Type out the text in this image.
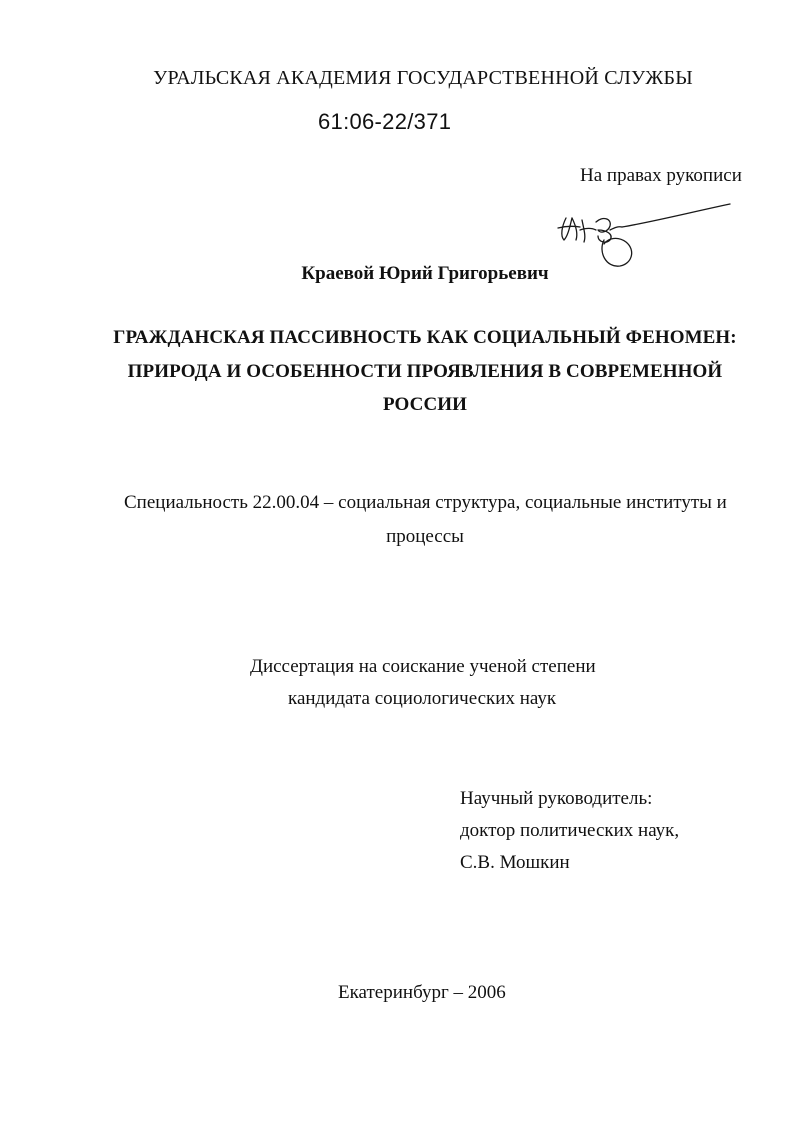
УРАЛЬСКАЯ АКАДЕМИЯ ГОСУДАРСТВЕННОЙ СЛУЖБЫ
61:06-22/371
На правах рукописи
Краевой Юрий Григорьевич
ГРАЖДАНСКАЯ ПАССИВНОСТЬ КАК СОЦИАЛЬНЫЙ ФЕНОМЕН:
ПРИРОДА И ОСОБЕННОСТИ ПРОЯВЛЕНИЯ В СОВРЕМЕННОЙ
РОССИИ
Специальность 22.00.04 – социальная структура, социальные институты и
процессы
Диссертация на соискание ученой степени
кандидата социологических наук
Научный руководитель:
доктор политических наук,
С.В. Мошкин
Екатеринбург – 2006
